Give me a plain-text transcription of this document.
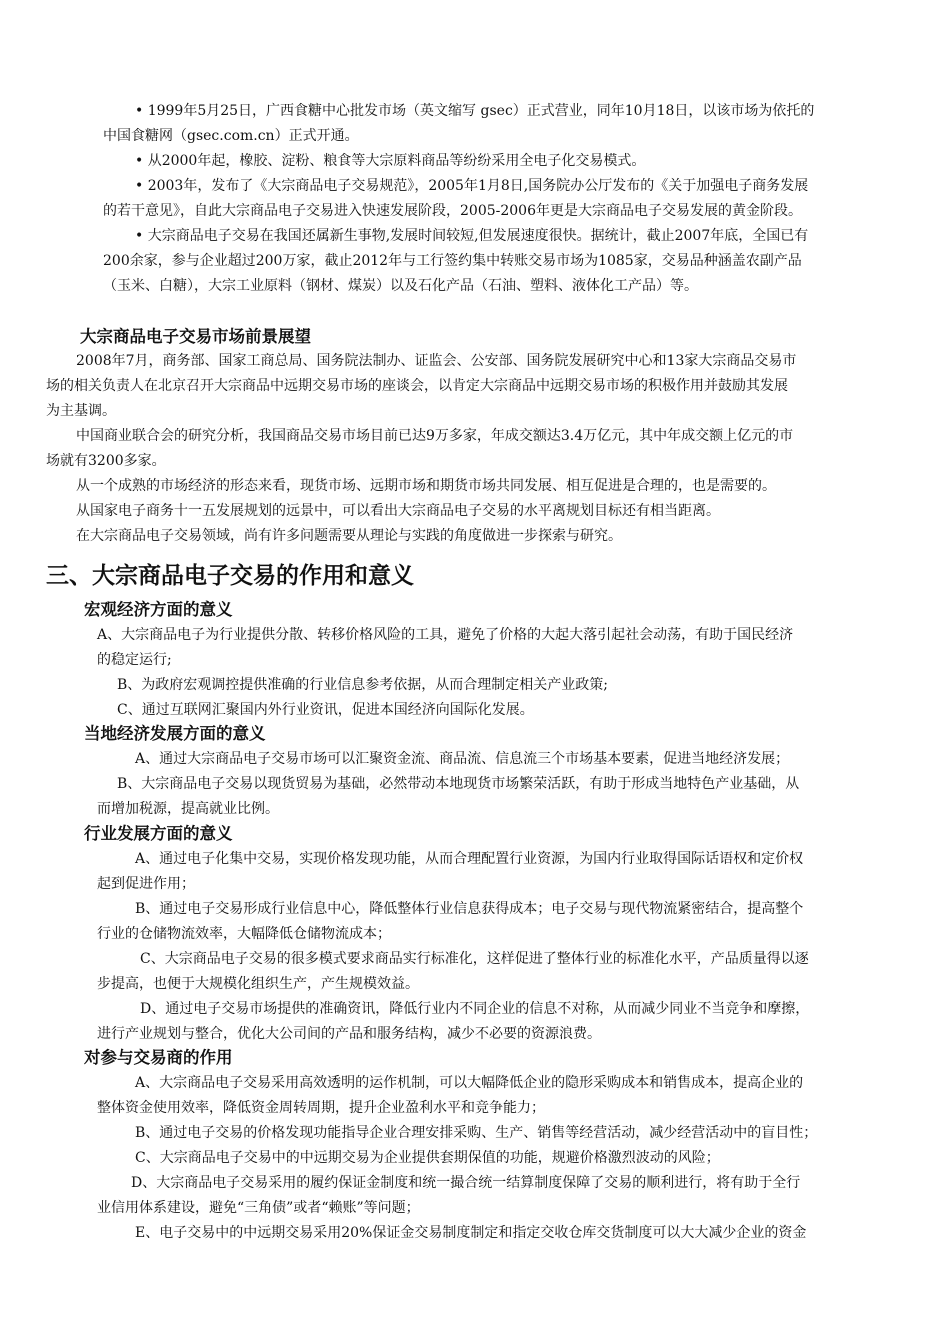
• 1999年5月25日，广西食糖中心批发市场（英文缩写 gsec）正式营业，同年10月18日，以该市场为依托的

中国食糖网（gsec.com.cn）正式开通。

• 从2000年起，橡胶、淀粉、粮食等大宗原料商品等纷纷采用全电子化交易模式。

• 2003年，发布了《大宗商品电子交易规范》，2005年1月8日,国务院办公厅发布的《关于加强电子商务发展

的若干意见》，自此大宗商品电子交易进入快速发展阶段，2005-2006年更是大宗商品电子交易发展的黄金阶段。

• 大宗商品电子交易在我国还属新生事物,发展时间较短,但发展速度很快。据统计，截止2007年底，全国已有

200余家，参与企业超过200万家，截止2012年与工行签约集中转账交易市场为1085家，交易品种涵盖农副产品

（玉米、白糖），大宗工业原料（钢材、煤炭）以及石化产品（石油、塑料、液体化工产品）等。

大宗商品电子交易市场前景展望

2008年7月，商务部、国家工商总局、国务院法制办、证监会、公安部、国务院发展研究中心和13家大宗商品交易市

场的相关负责人在北京召开大宗商品中远期交易市场的座谈会，以肯定大宗商品中远期交易市场的积极作用并鼓励其发展

为主基调。

中国商业联合会的研究分析，我国商品交易市场目前已达9万多家，年成交额达3.4万亿元，其中年成交额上亿元的市

场就有3200多家。

从一个成熟的市场经济的形态来看，现货市场、远期市场和期货市场共同发展、相互促进是合理的，也是需要的。

从国家电子商务十一五发展规划的远景中，可以看出大宗商品电子交易的水平离规划目标还有相当距离。

在大宗商品电子交易领域，尚有许多问题需要从理论与实践的角度做进一步探索与研究。

三、大宗商品电子交易的作用和意义
宏观经济方面的意义

A、大宗商品电子为行业提供分散、转移价格风险的工具，避免了价格的大起大落引起社会动荡，有助于国民经济

的稳定运行;

B、为政府宏观调控提供准确的行业信息参考依据，从而合理制定相关产业政策;

C、通过互联网汇聚国内外行业资讯，促进本国经济向国际化发展。

当地经济发展方面的意义

A、通过大宗商品电子交易市场可以汇聚资金流、商品流、信息流三个市场基本要素，促进当地经济发展；

B、大宗商品电子交易以现货贸易为基础，必然带动本地现货市场繁荣活跃，有助于形成当地特色产业基础，从

而增加税源，提高就业比例。

行业发展方面的意义

A、通过电子化集中交易，实现价格发现功能，从而合理配置行业资源，为国内行业取得国际话语权和定价权

起到促进作用；

B、通过电子交易形成行业信息中心，降低整体行业信息获得成本；电子交易与现代物流紧密结合，提高整个

行业的仓储物流效率，大幅降低仓储物流成本；

C、大宗商品电子交易的很多模式要求商品实行标准化，这样促进了整体行业的标准化水平，产品质量得以逐

步提高，也便于大规模化组织生产，产生规模效益。

D、通过电子交易市场提供的准确资讯，降低行业内不同企业的信息不对称，从而减少同业不当竞争和摩擦，

进行产业规划与整合，优化大公司间的产品和服务结构，减少不必要的资源浪费。

对参与交易商的作用

A、大宗商品电子交易采用高效透明的运作机制，可以大幅降低企业的隐形采购成本和销售成本，提高企业的

整体资金使用效率，降低资金周转周期，提升企业盈利水平和竞争能力；

B、通过电子交易的价格发现功能指导企业合理安排采购、生产、销售等经营活动，减少经营活动中的盲目性；

C、大宗商品电子交易中的中远期交易为企业提供套期保值的功能，规避价格激烈波动的风险；

D、大宗商品电子交易采用的履约保证金制度和统一撮合统一结算制度保障了交易的顺利进行，将有助于全行

业信用体系建设，避免“三角债”或者“赖账”等问题；

E、电子交易中的中远期交易采用20%保证金交易制度制定和指定交收仓库交货制度可以大大减少企业的资金
